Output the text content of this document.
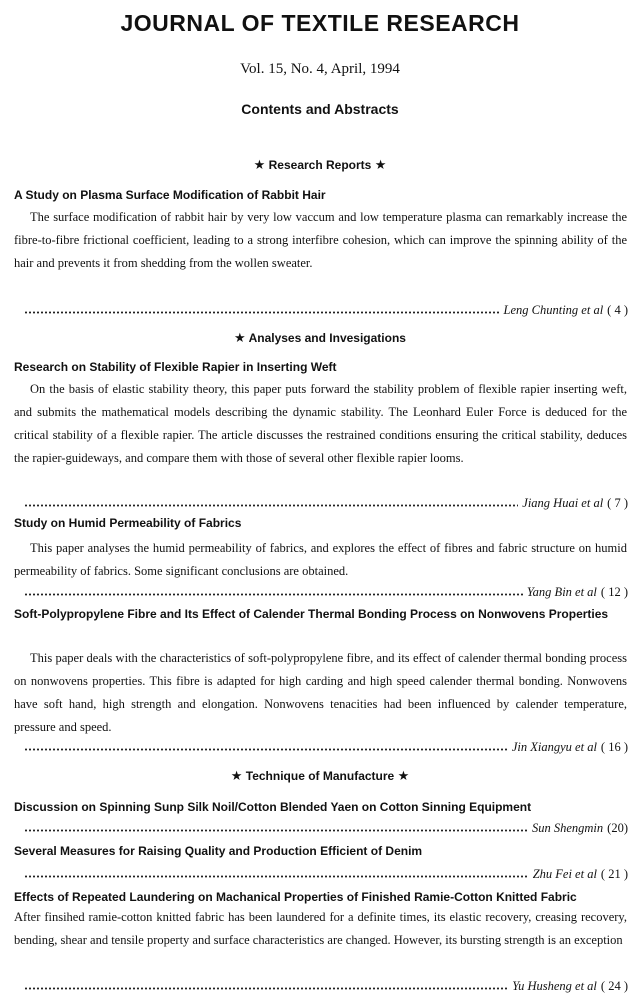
JOURNAL OF TEXTILE RESEARCH
Vol. 15, No. 4, April, 1994
Contents and Abstracts
★ Research Reports ★
A Study on Plasma Surface Modification of Rabbit Hair
The surface modification of rabbit hair by very low vaccum and low temperature plasma can remarkably increase the fibre-to-fibre frictional coefficient, leading to a strong interfibre cohesion, which can improve the spinning ability of the hair and prevents it from shedding from the wollen sweater.
Leng Chunting et al ( 4 )
★ Analyses and Invesigations
Research on Stability of Flexible Rapier in Inserting Weft
On the basis of elastic stability theory, this paper puts forward the stability problem of flexible rapier inserting weft, and submits the mathematical models describing the dynamic stability. The Leonhard Euler Force is deduced for the critical stability of a flexible rapier. The article discusses the restrained conditions ensuring the critical stability, deduces the rapier-guideways, and compare them with those of several other flexible rapier looms.
Jiang Huai et al ( 7 )
Study on Humid Permeability of Fabrics
This paper analyses the humid permeability of fabrics, and explores the effect of fibres and fabric structure on humid permeability of fabrics. Some significant conclusions are obtained.
Yang Bin et al ( 12 )
Soft-Polypropylene Fibre and Its Effect of Calender Thermal Bonding Process on Nonwovens Properties
This paper deals with the characteristics of soft-polypropylene fibre, and its effect of calender thermal bonding process on nonwovens properties. This fibre is adapted for high carding and high speed calender thermal bonding. Nonwovens have soft hand, high strength and elongation. Nonwovens tenacities had been influenced by calender temperature, pressure and speed.
Jin Xiangyu et al ( 16 )
★ Technique of Manufacture ★
Discussion on Spinning Sunp Silk Noil/Cotton Blended Yaen on Cotton Sinning Equipment
Sun Shengmin (20)
Several Measures for Raising Quality and Production Efficient of Denim
Zhu Fei et al ( 21 )
Effects of Repeated Laundering on Machanical Properties of Finished Ramie-Cotton Knitted Fabric
After finsihed ramie-cotton knitted fabric has been laundered for a definite times, its elastic recovery, creasing recovery, bending, shear and tensile property and surface characteristics are changed. However, its bursting strength is an exception
Yu Husheng et al ( 24 )
